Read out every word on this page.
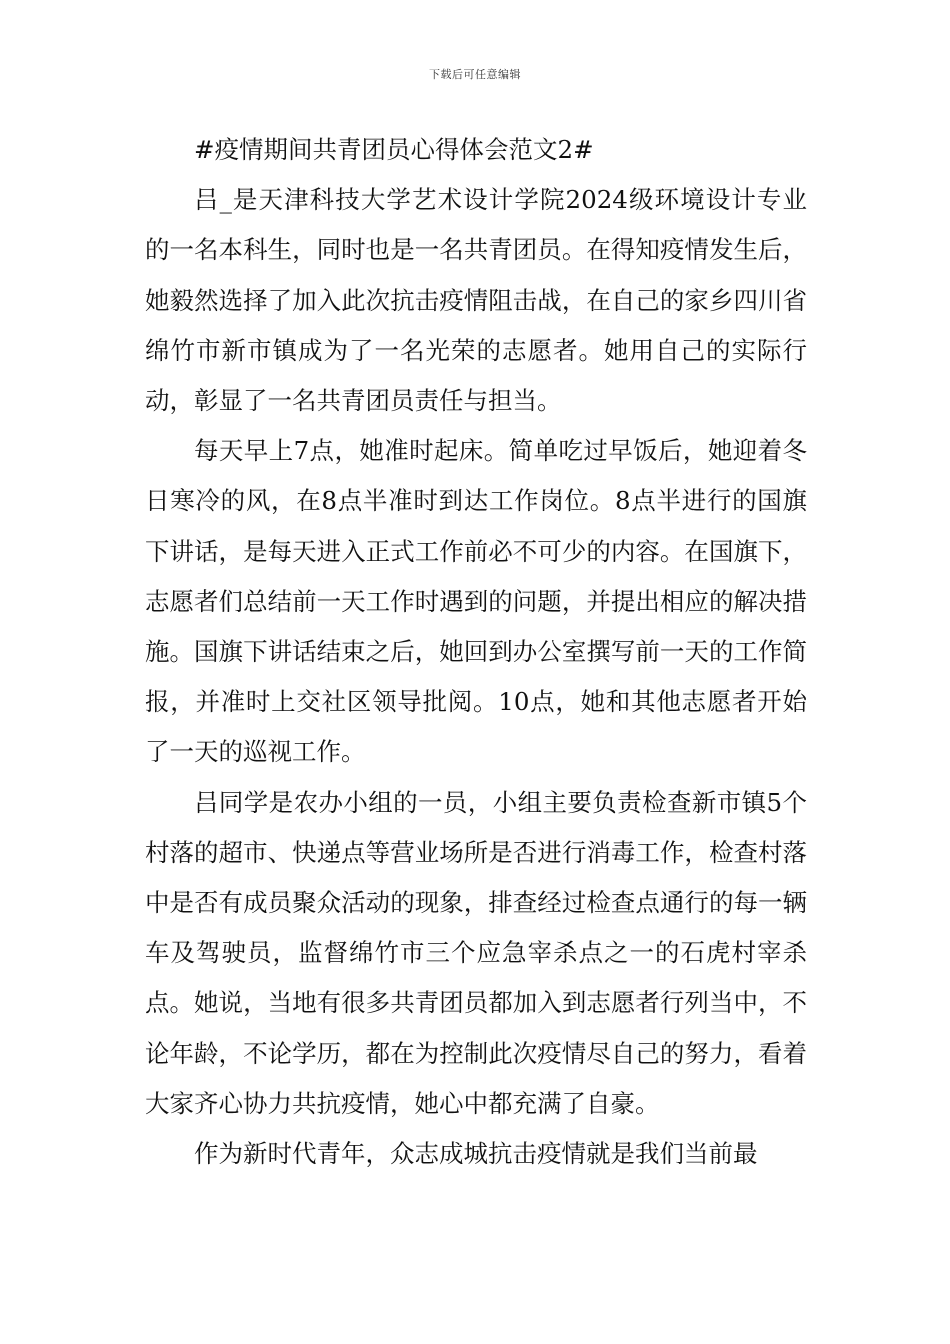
下载后可任意编辑

#疫情期间共青团员心得体会范文2#

吕_是天津科技大学艺术设计学院2024级环境设计专业的一名本科生，同时也是一名共青团员。在得知疫情发生后，她毅然选择了加入此次抗击疫情阻击战，在自己的家乡四川省绵竹市新市镇成为了一名光荣的志愿者。她用自己的实际行动，彰显了一名共青团员责任与担当。

每天早上7点，她准时起床。简单吃过早饭后，她迎着冬日寒冷的风，在8点半准时到达工作岗位。8点半进行的国旗下讲话，是每天进入正式工作前必不可少的内容。在国旗下，志愿者们总结前一天工作时遇到的问题，并提出相应的解决措施。国旗下讲话结束之后，她回到办公室撰写前一天的工作简报，并准时上交社区领导批阅。10点，她和其他志愿者开始了一天的巡视工作。

吕同学是农办小组的一员，小组主要负责检查新市镇5个村落的超市、快递点等营业场所是否进行消毒工作，检查村落中是否有成员聚众活动的现象，排查经过检查点通行的每一辆车及驾驶员，监督绵竹市三个应急宰杀点之一的石虎村宰杀点。她说，当地有很多共青团员都加入到志愿者行列当中，不论年龄，不论学历，都在为控制此次疫情尽自己的努力，看着大家齐心协力共抗疫情，她心中都充满了自豪。

作为新时代青年，众志成城抗击疫情就是我们当前最
